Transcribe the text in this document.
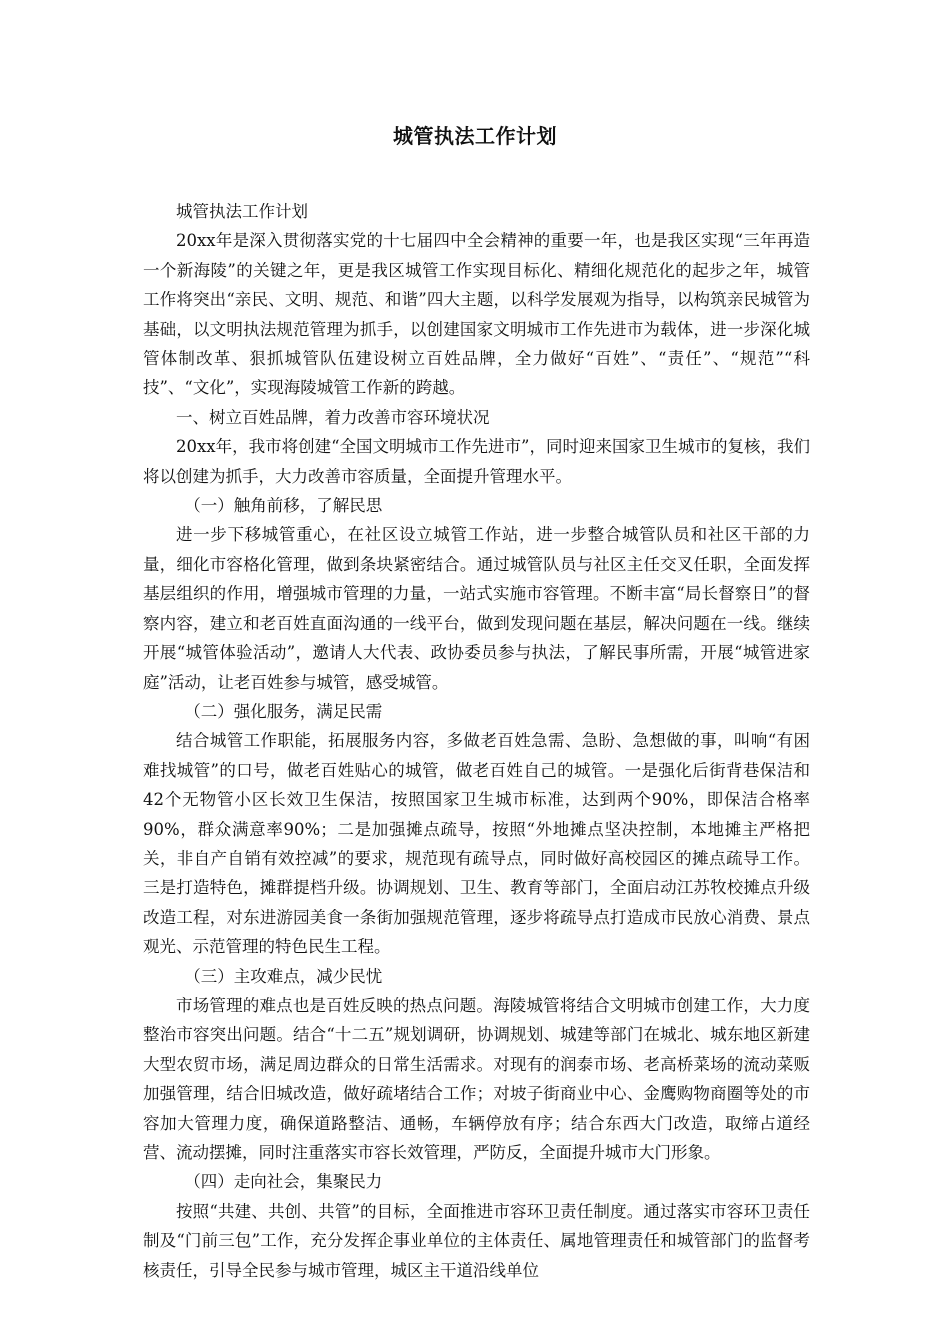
城管执法工作计划

城管执法工作计划

20xx年是深入贯彻落实党的十七届四中全会精神的重要一年，也是我区实现“三年再造一个新海陵”的关键之年，更是我区城管工作实现目标化、精细化规范化的起步之年，城管工作将突出“亲民、文明、规范、和谐”四大主题，以科学发展观为指导，以构筑亲民城管为基础，以文明执法规范管理为抓手，以创建国家文明城市工作先进市为载体，进一步深化城管体制改革、狠抓城管队伍建设树立百姓品牌，全力做好“百姓”、“责任”、“规范”“科技”、“文化”，实现海陵城管工作新的跨越。

一、树立百姓品牌，着力改善市容环境状况

20xx年，我市将创建“全国文明城市工作先进市”，同时迎来国家卫生城市的复核，我们将以创建为抓手，大力改善市容质量，全面提升管理水平。

（一）触角前移，了解民思

进一步下移城管重心，在社区设立城管工作站，进一步整合城管队员和社区干部的力量，细化市容格化管理，做到条块紧密结合。通过城管队员与社区主任交叉任职，全面发挥基层组织的作用，增强城市管理的力量，一站式实施市容管理。不断丰富“局长督察日”的督察内容，建立和老百姓直面沟通的一线平台，做到发现问题在基层，解决问题在一线。继续开展“城管体验活动”，邀请人大代表、政协委员参与执法，了解民事所需，开展“城管进家庭”活动，让老百姓参与城管，感受城管。

（二）强化服务，满足民需

结合城管工作职能，拓展服务内容，多做老百姓急需、急盼、急想做的事，叫响“有困难找城管”的口号，做老百姓贴心的城管，做老百姓自己的城管。一是强化后街背巷保洁和42个无物管小区长效卫生保洁，按照国家卫生城市标准，达到两个90%，即保洁合格率90%，群众满意率90%；二是加强摊点疏导，按照“外地摊点坚决控制，本地摊主严格把关，非自产自销有效控减”的要求，规范现有疏导点，同时做好高校园区的摊点疏导工作。三是打造特色，摊群提档升级。协调规划、卫生、教育等部门，全面启动江苏牧校摊点升级改造工程，对东进游园美食一条街加强规范管理，逐步将疏导点打造成市民放心消费、景点观光、示范管理的特色民生工程。

（三）主攻难点，减少民忧

市场管理的难点也是百姓反映的热点问题。海陵城管将结合文明城市创建工作，大力度整治市容突出问题。结合“十二五”规划调研，协调规划、城建等部门在城北、城东地区新建大型农贸市场，满足周边群众的日常生活需求。对现有的润泰市场、老高桥菜场的流动菜贩加强管理，结合旧城改造，做好疏堵结合工作；对坡子街商业中心、金鹰购物商圈等处的市容加大管理力度，确保道路整洁、通畅，车辆停放有序；结合东西大门改造，取缔占道经营、流动摆摊，同时注重落实市容长效管理，严防反，全面提升城市大门形象。

（四）走向社会，集聚民力

按照“共建、共创、共管”的目标，全面推进市容环卫责任制度。通过落实市容环卫责任制及“门前三包”工作，充分发挥企事业单位的主体责任、属地管理责任和城管部门的监督考核责任，引导全民参与城市管理，城区主干道沿线单位
